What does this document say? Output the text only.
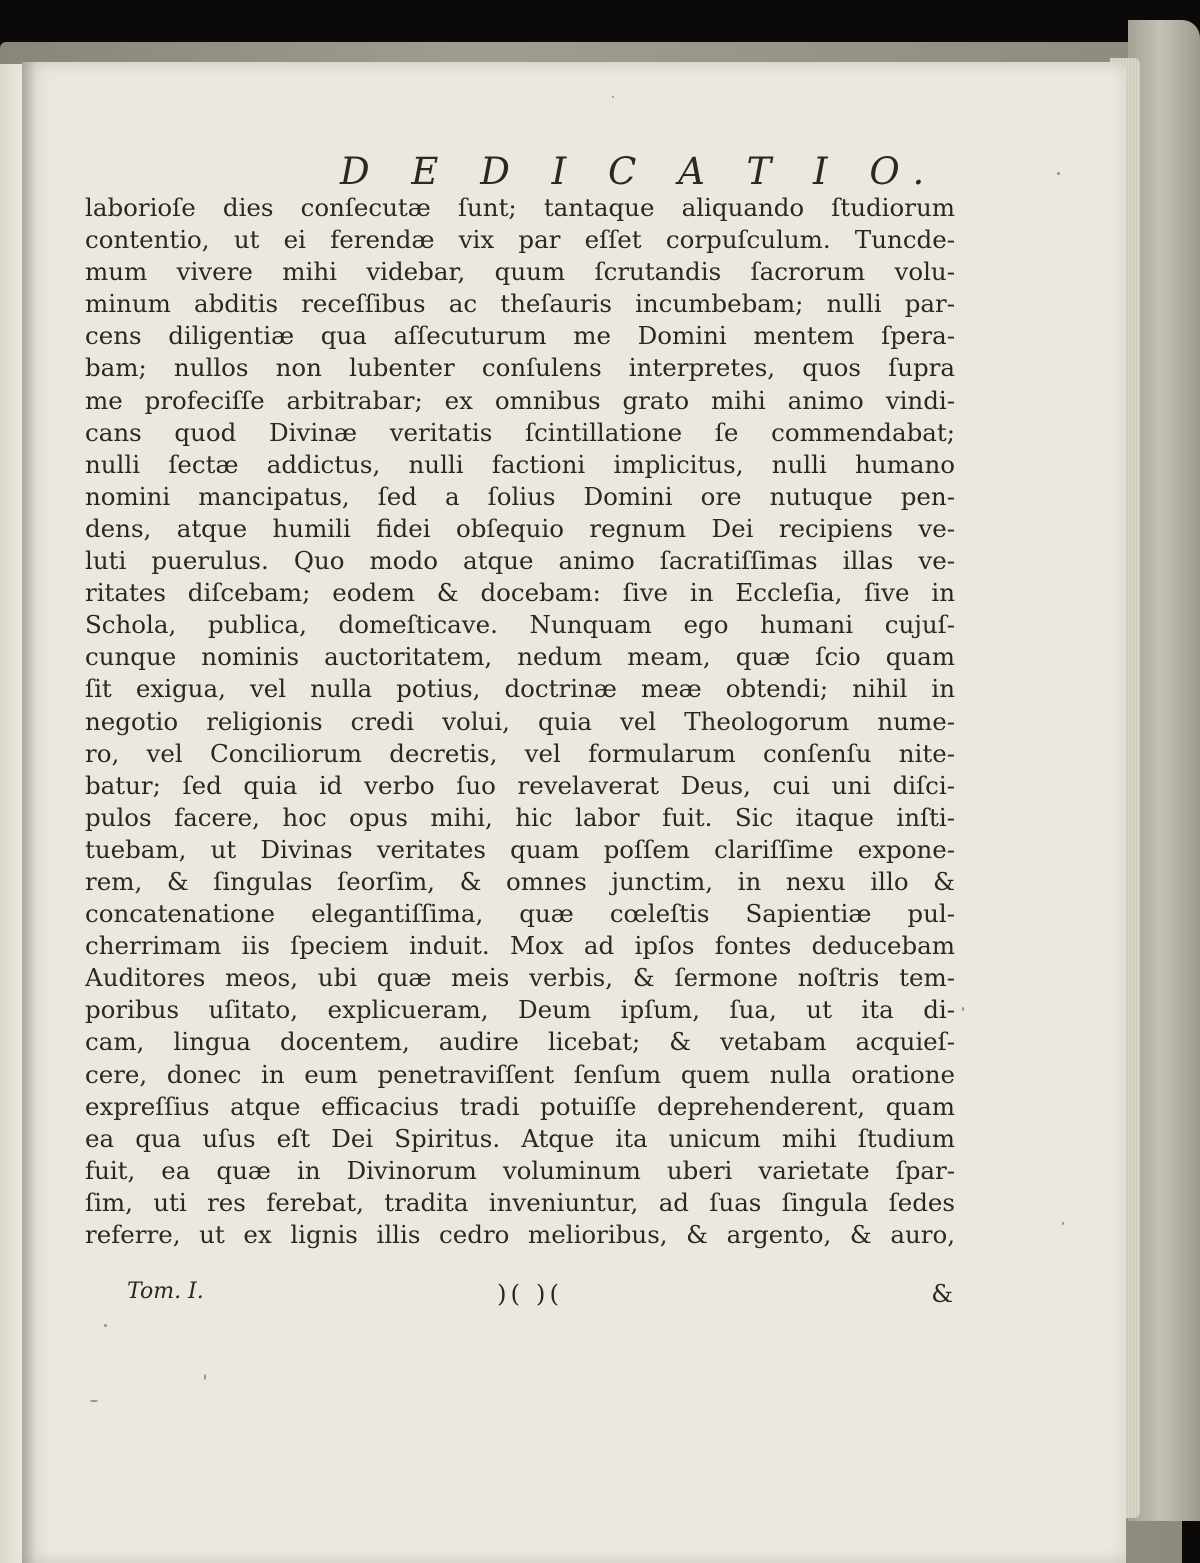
D E D I C A T I O.
laborioſe dies conſecutæ ſunt; tantaque aliquando ſtudiorum
contentio, ut ei ferendæ vix par eſſet corpuſculum. Tuncde-
mum vivere mihi videbar, quum ſcrutandis ſacrorum volu-
minum abditis receſſibus ac theſauris incumbebam; nulli par-
cens diligentiæ qua aſſecuturum me Domini mentem ſpera-
bam; nullos non lubenter conſulens interpretes, quos ſupra
me profeciſſe arbitrabar; ex omnibus grato mihi animo vindi-
cans quod Divinæ veritatis ſcintillatione ſe commendabat;
nulli ſectæ addictus, nulli factioni implicitus, nulli humano
nomini mancipatus, ſed a ſolius Domini ore nutuque pen-
dens, atque humili fidei obſequio regnum Dei recipiens ve-
luti puerulus. Quo modo atque animo ſacratiſſimas illas ve-
ritates diſcebam; eodem & docebam: ſive in Eccleſia, ſive in
Schola, publica, domeſticave. Nunquam ego humani cujuſ-
cunque nominis auctoritatem, nedum meam, quæ ſcio quam
ſit exigua, vel nulla potius, doctrinæ meæ obtendi; nihil in
negotio religionis credi volui, quia vel Theologorum nume-
ro, vel Conciliorum decretis, vel formularum conſenſu nite-
batur; ſed quia id verbo ſuo revelaverat Deus, cui uni diſci-
pulos facere, hoc opus mihi, hic labor fuit. Sic itaque inſti-
tuebam, ut Divinas veritates quam poſſem clariſſime expone-
rem, & ſingulas ſeorſim, & omnes junctim, in nexu illo &
concatenatione elegantiſſima, quæ cœleſtis Sapientiæ pul-
cherrimam iis ſpeciem induit. Mox ad ipſos fontes deducebam
Auditores meos, ubi quæ meis verbis, & ſermone noſtris tem-
poribus uſitato, explicueram, Deum ipſum, ſua, ut ita di-
cam, lingua docentem, audire licebat; & vetabam acquieſ-
cere, donec in eum penetraviſſent ſenſum quem nulla oratione
expreſſius atque efficacius tradi potuiſſe deprehenderent, quam
ea qua uſus eſt Dei Spiritus. Atque ita unicum mihi ſtudium
fuit, ea quæ in Divinorum voluminum uberi varietate ſpar-
ſim, uti res ferebat, tradita inveniuntur, ad ſuas ſingula ſedes
referre, ut ex lignis illis cedro melioribus, & argento, & auro,
Tom. I.	)( )(	&
